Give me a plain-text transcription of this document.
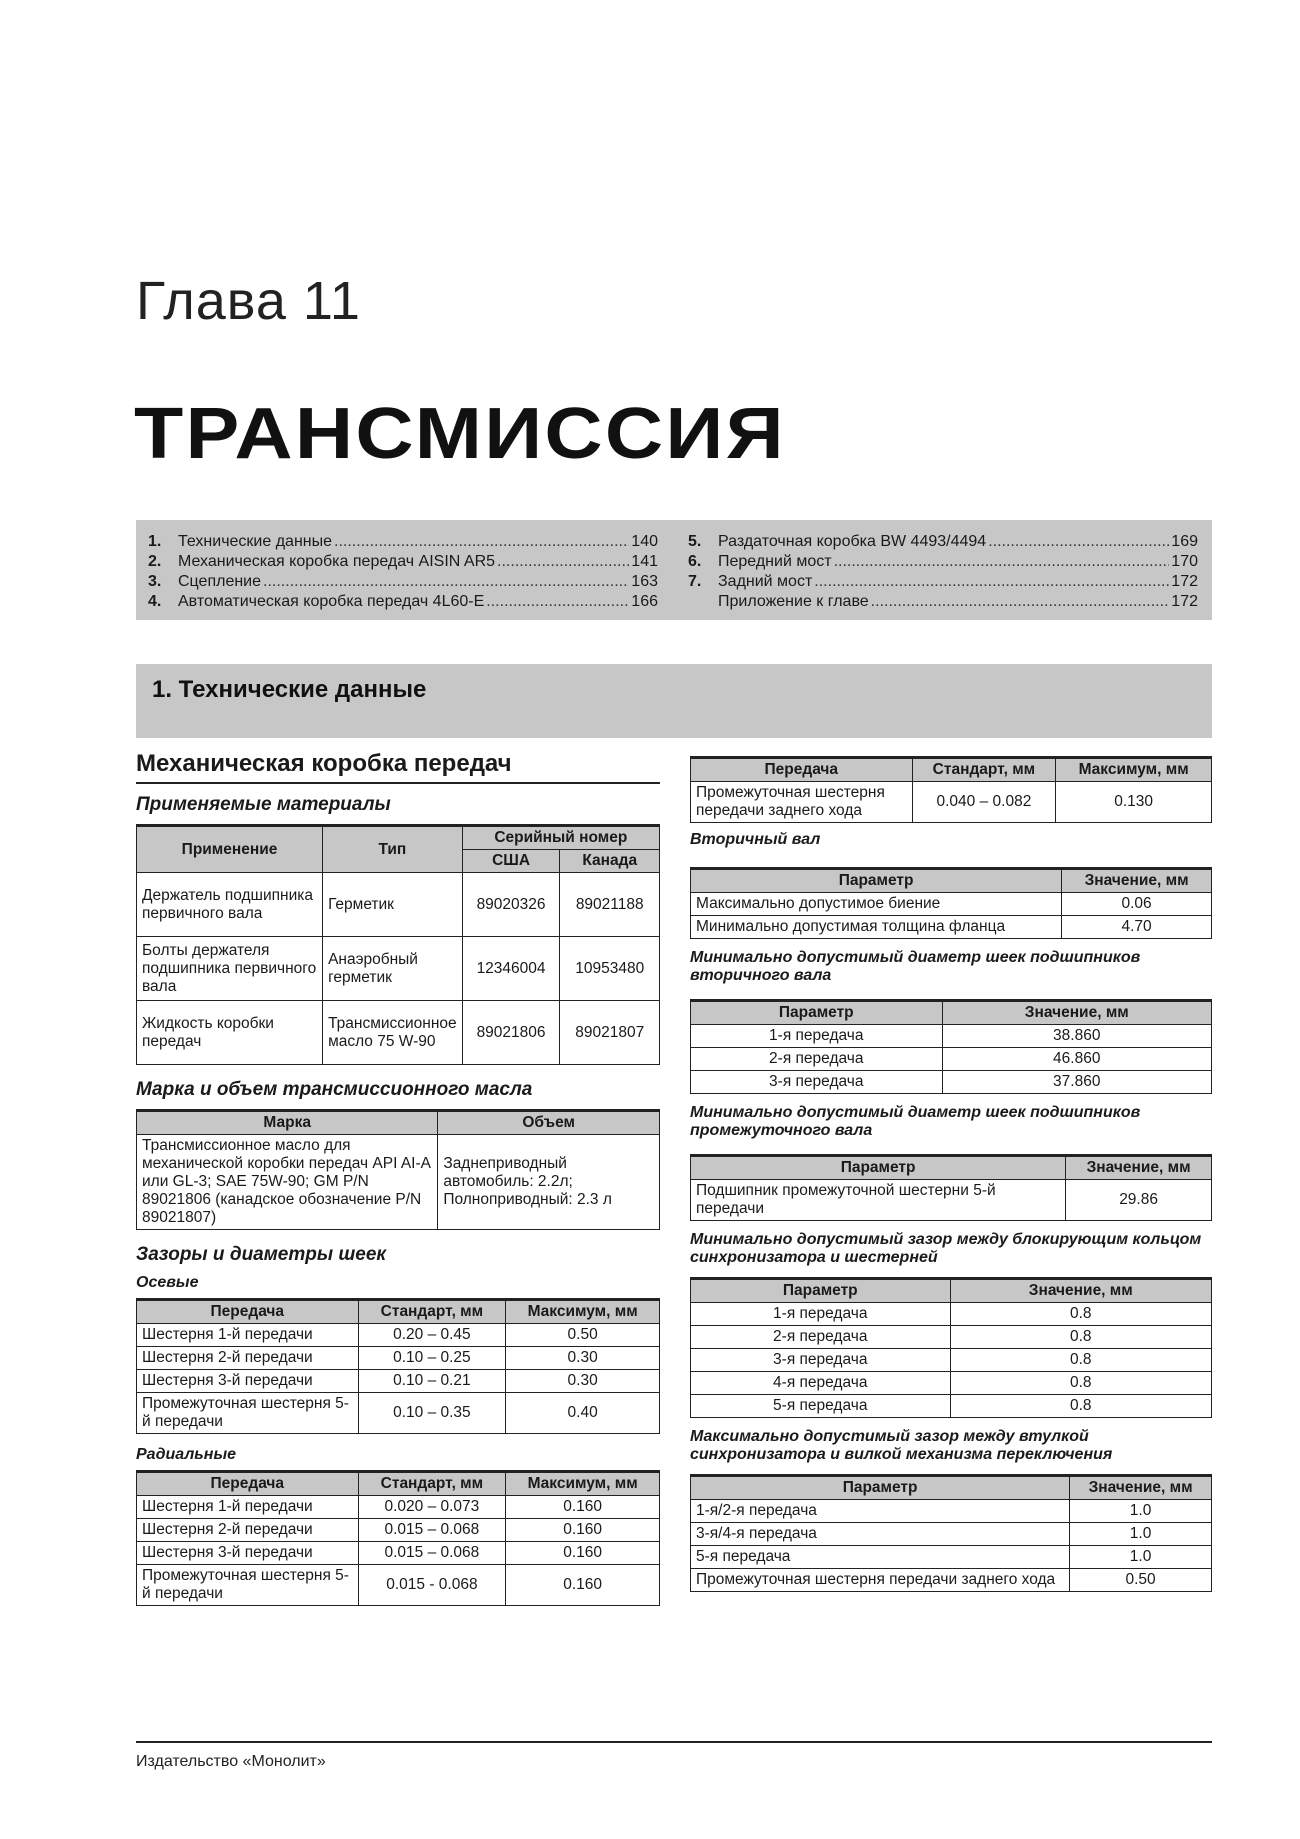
Глава 11
ТРАНСМИССИЯ
1.	Технические данные .....	140
2.	Механическая коробка передач AISIN AR5 .....	141
3.	Сцепление .....	163
4.	Автоматическая коробка передач 4L60-E .....	166
5.	Раздаточная коробка BW 4493/4494 .....	169
6.	Передний мост .....	170
7.	Задний мост .....	172
Приложение к главе .....	172
1. Технические данные
Механическая коробка передач
Применяемые материалы
Применение	Тип	Серийный номер	
		США	Канада
Держатель подшипника первичного вала	Герметик	89020326	89021188
Болты держателя подшипника первичного вала	Анаэробный герметик	12346004	10953480
Жидкость коробки передач	Трансмиссионное масло 75 W-90	89021806	89021807
Марка и объем трансмиссионного масла
Марка	Объем
Трансмиссионное масло для механической коробки передач API AI-A или GL-3; SAE 75W-90; GM P/N 89021806 (канадское обозначение P/N 89021807)	Заднеприводный автомобиль: 2.2л; Полноприводный: 2.3 л
Зазоры и диаметры шеек
Осевые
Передача	Стандарт, мм	Максимум, мм
Шестерня 1-й передачи	0.20 – 0.45	0.50
Шестерня 2-й передачи	0.10 – 0.25	0.30
Шестерня 3-й передачи	0.10 – 0.21	0.30
Промежуточная шестерня 5-й передачи	0.10 – 0.35	0.40
Радиальные
Передача	Стандарт, мм	Максимум, мм
Шестерня 1-й передачи	0.020 – 0.073	0.160
Шестерня 2-й передачи	0.015 – 0.068	0.160
Шестерня 3-й передачи	0.015 – 0.068	0.160
Промежуточная шестерня 5-й передачи	0.015 - 0.068	0.160
Передача	Стандарт, мм	Максимум, мм
Промежуточная шестерня передачи заднего хода	0.040 – 0.082	0.130
Вторичный вал
Параметр	Значение, мм
Максимально допустимое биение	0.06
Минимально допустимая толщина фланца	4.70
Минимально допустимый диаметр шеек подшипников вторичного вала
Параметр	Значение, мм
1-я передача	38.860
2-я передача	46.860
3-я передача	37.860
Минимально допустимый диаметр шеек подшипников промежуточного вала
Параметр	Значение, мм
Подшипник промежуточной шестерни 5-й передачи	29.86
Минимально допустимый зазор между блокирующим кольцом синхронизатора и шестерней
Параметр	Значение, мм
1-я передача	0.8
2-я передача	0.8
3-я передача	0.8
4-я передача	0.8
5-я передача	0.8
Максимально допустимый зазор между втулкой синхронизатора и вилкой механизма переключения
Параметр	Значение, мм
1-я/2-я передача	1.0
3-я/4-я передача	1.0
5-я передача	1.0
Промежуточная шестерня передачи заднего хода	0.50
Издательство «Монолит»
